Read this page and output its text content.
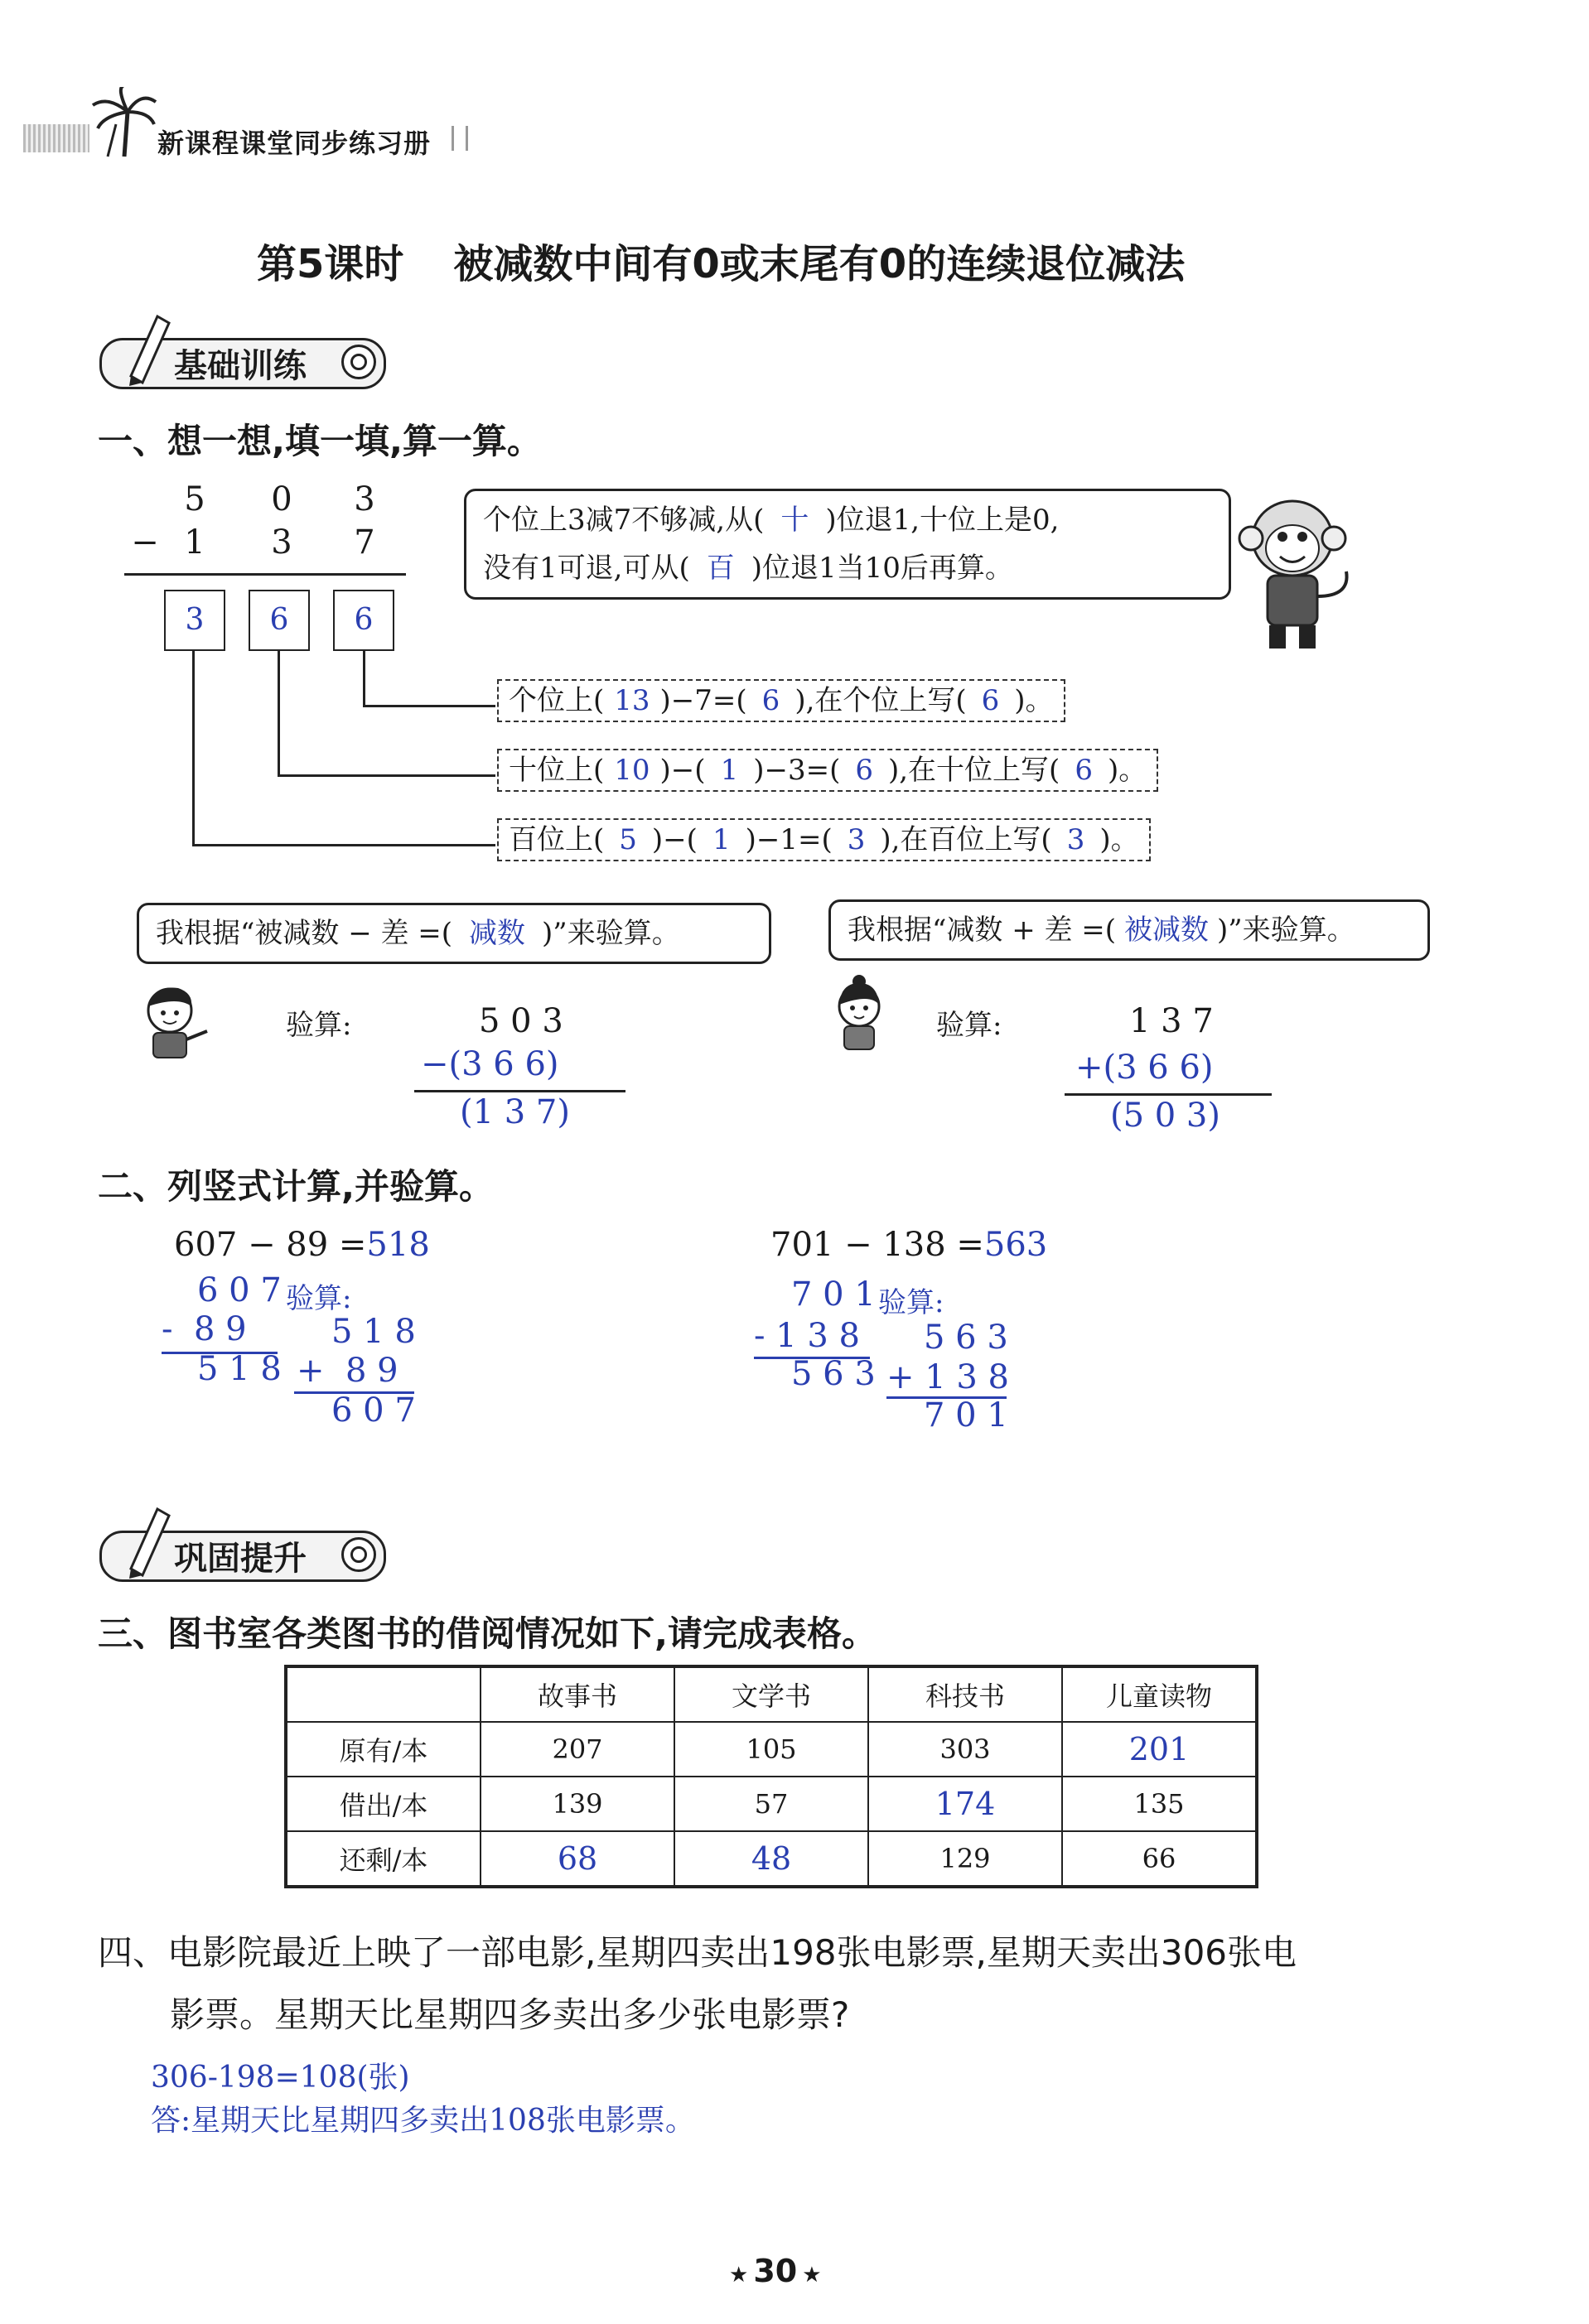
新课程课堂同步练习册
第5课时 被减数中间有0或末尾有0的连续退位减法
基础训练
一、想一想,填一填,算一算。
5	0	3
− 1	3	7
3	6	6
个位上3减7不够减,从( 十 )位退1,十位上是0,
没有1可退,可从( 百 )位退1当10后再算。
个位上( 13 )−7=( 6 ),在个位上写( 6 )。
十位上( 10 )−( 1 )−3=( 6 ),在十位上写( 6 )。
百位上( 5 )−( 1 )−1=( 3 ),在百位上写( 3 )。
我根据“被减数 − 差 =( 减数 )”来验算。	我根据“减数 + 差 =( 被减数 )”来验算。
验算:	5 0 3
−(3 6 6)
(1 3 7)
验算:	1 3 7
+(3 6 6)
(5 0 3)
二、列竖式计算,并验算。
607 − 89 =518
6 0 7 验算:
-  8 9
5 1 8
5 1 8
+  8 9
6 0 7
701 − 138 =563
7 0 1 验算:
- 1 3 8
5 6 3
5 6 3
+ 1 3 8
7 0 1
巩固提升
三、图书室各类图书的借阅情况如下,请完成表格。
	故事书	文学书	科技书	儿童读物
原有/本	207	105	303	201
借出/本	139	57	174	135
还剩/本	68	48	129	66
四、电影院最近上映了一部电影,星期四卖出198张电影票,星期天卖出306张电
影票。星期天比星期四多卖出多少张电影票?
306-198=108(张)
答:星期天比星期四多卖出108张电影票。
★ 30 ★
